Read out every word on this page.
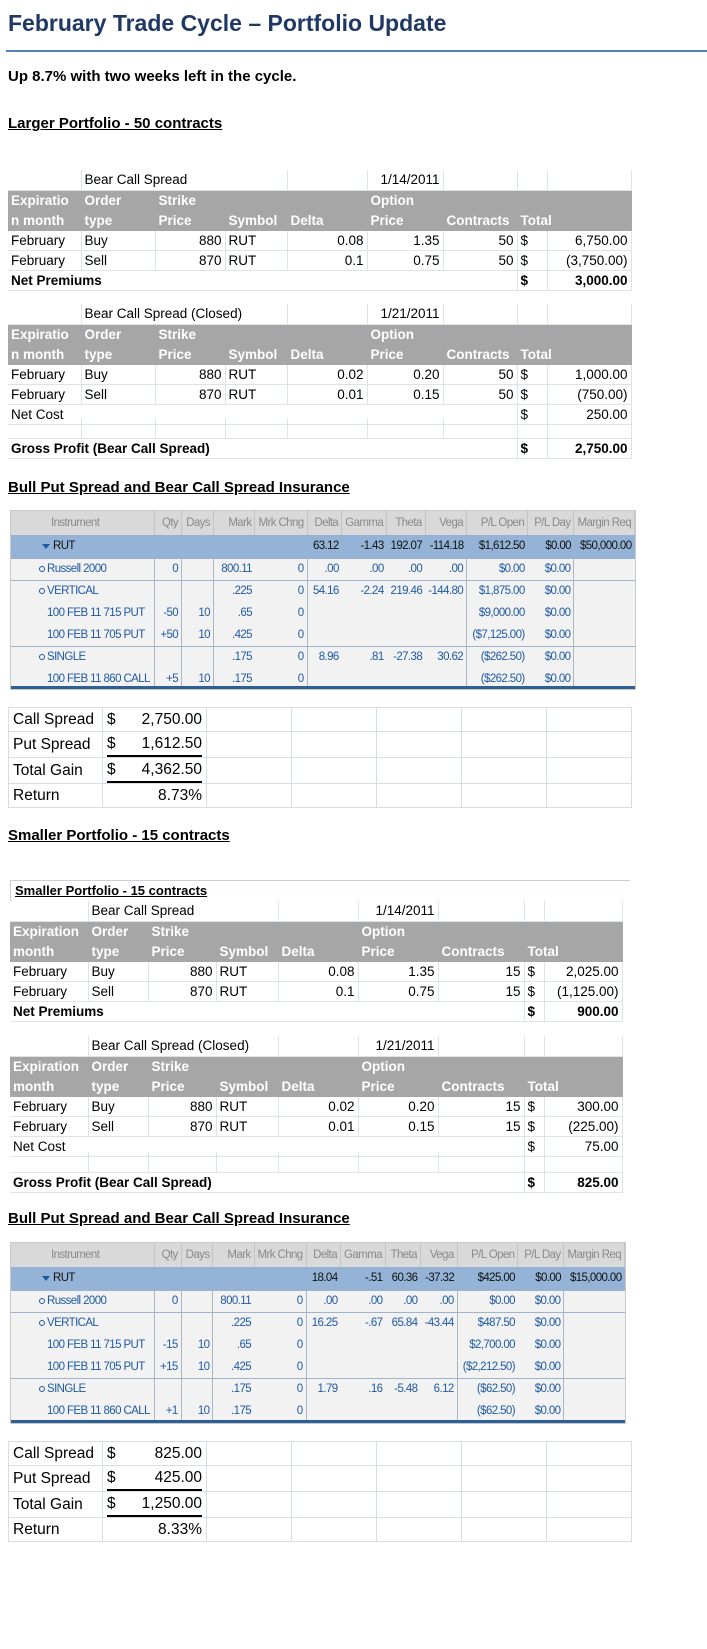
February Trade Cycle – Portfolio Update
Up 8.7% with two weeks left in the cycle.
Larger Portfolio - 50 contracts
	Bear Call Spread				1/14/2011			
Expiratio	Order	Strike			Option			
n month	type	Price	Symbol	Delta	Price	Contracts	Total	
February	Buy	880	RUT	0.08	1.35	50	$	6,750.00
February	Sell	870	RUT	0.1	0.75	50	$	(3,750.00)
Net Premiums							$	3,000.00
	Bear Call Spread (Closed)				1/21/2011			
Expiratio	Order	Strike			Option			
n month	type	Price	Symbol	Delta	Price	Contracts	Total	
February	Buy	880	RUT	0.02	0.20	50	$	1,000.00
February	Sell	870	RUT	0.01	0.15	50	$	(750.00)
Net Cost							$	250.00

Gross Profit (Bear Call Spread)							$	2,750.00
Bull Put Spread and Bear Call Spread Insurance
Instrument	Qty	Days	Mark	Mrk Chng	Delta	Gamma	Theta	Vega	P/L Open	P/L Day	Margin Req
RUT					63.12	-1.43	192.07	-114.18	$1,612.50	$0.00	$50,000.00
Russell 2000	0		800.11	0	.00	.00	.00	.00	$0.00	$0.00	
VERTICAL			.225	0	54.16	-2.24	219.46	-144.80	$1,875.00	$0.00	
100 FEB 11 715 PUT	-50	10	.65	0					$9,000.00	$0.00	
100 FEB 11 705 PUT	+50	10	.425	0					($7,125.00)	$0.00	
SINGLE			.175	0	8.96	.81	-27.38	30.62	($262.50)	$0.00	
100 FEB 11 860 CALL	+5	10	.175	0					($262.50)	$0.00	
Call Spread	$ 2,750.00					

Put Spread	$ 1,612.50					

Total Gain	$ 4,362.50					

Return	8.73%					

Smaller Portfolio - 15 contracts
Smaller Portfolio - 15 contracts
	Bear Call Spread				1/14/2011			
Expiration	Order	Strike			Option			
month	type	Price	Symbol	Delta	Price	Contracts	Total	
February	Buy	880	RUT	0.08	1.35	15	$	2,025.00
February	Sell	870	RUT	0.1	0.75	15	$	(1,125.00)
Net Premiums							$	900.00
	Bear Call Spread (Closed)				1/21/2011			
Expiration	Order	Strike			Option			
month	type	Price	Symbol	Delta	Price	Contracts	Total	
February	Buy	880	RUT	0.02	0.20	15	$	300.00
February	Sell	870	RUT	0.01	0.15	15	$	(225.00)
Net Cost							$	75.00

Gross Profit (Bear Call Spread)							$	825.00
Bull Put Spread and Bear Call Spread Insurance
Instrument	Qty	Days	Mark	Mrk Chng	Delta	Gamma	Theta	Vega	P/L Open	P/L Day	Margin Req
RUT					18.04	-.51	60.36	-37.32	$425.00	$0.00	$15,000.00
Russell 2000	0		800.11	0	.00	.00	.00	.00	$0.00	$0.00	
VERTICAL			.225	0	16.25	-.67	65.84	-43.44	$487.50	$0.00	
100 FEB 11 715 PUT	-15	10	.65	0					$2,700.00	$0.00	
100 FEB 11 705 PUT	+15	10	.425	0					($2,212.50)	$0.00	
SINGLE			.175	0	1.79	.16	-5.48	6.12	($62.50)	$0.00	
100 FEB 11 860 CALL	+1	10	.175	0					($62.50)	$0.00	
Call Spread	$ 825.00					

Put Spread	$ 425.00					

Total Gain	$ 1,250.00					

Return	8.33%					
